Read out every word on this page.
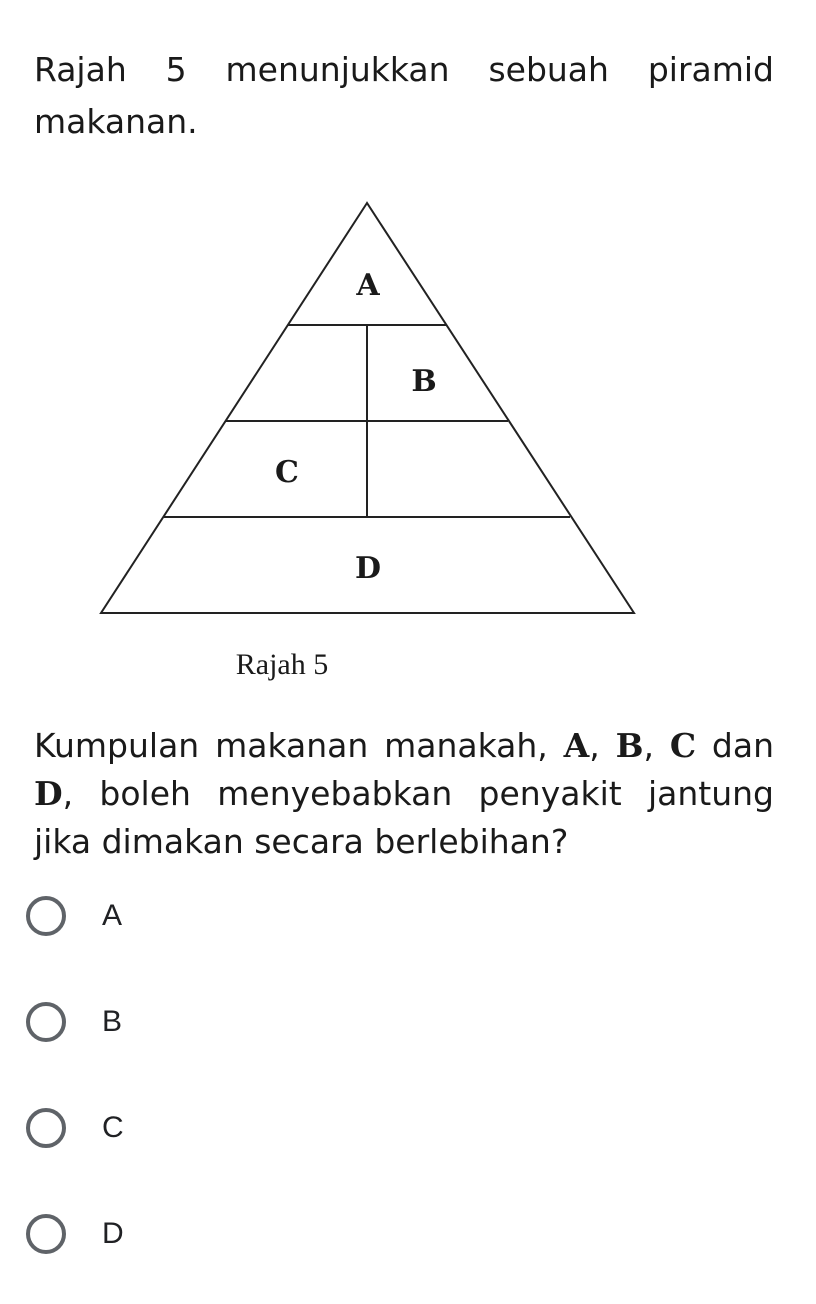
Rajah 5 menunjukkan sebuah piramid makanan.

A
B
C
D
Rajah 5

Kumpulan makanan manakah, A, B, C dan D, boleh menyebabkan penyakit jantung jika dimakan secara berlebihan?

A
B
C
D
